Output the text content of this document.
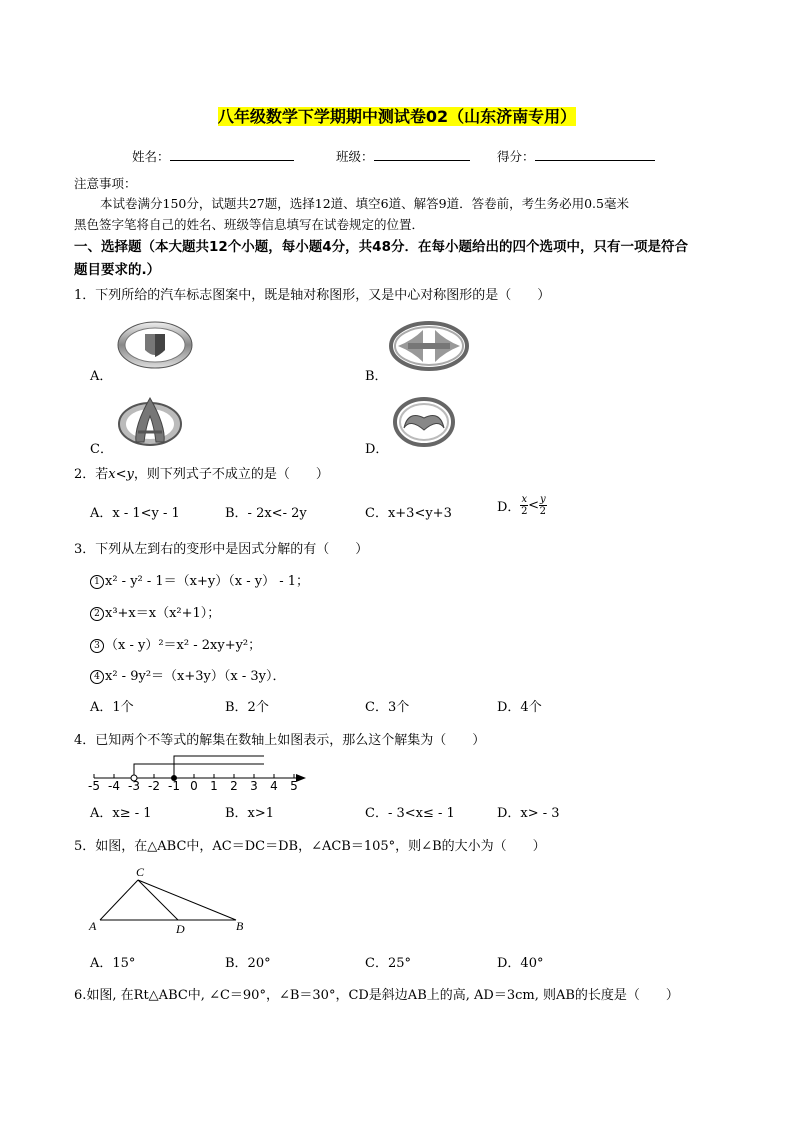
八年级数学下学期期中测试卷02（山东济南专用）
姓名：	班级：	得分：
注意事项：
本试卷满分150分，试题共27题，选择12道、填空6道、解答9道．答卷前，考生务必用0.5毫米
黑色签字笔将自己的姓名、班级等信息填写在试卷规定的位置．
一、选择题（本大题共12个小题，每小题4分，共48分．在每小题给出的四个选项中，只有一项是符合
题目要求的.）
1．下列所给的汽车标志图案中，既是轴对称图形，又是中心对称图形的是（　　）
A．	B．
C．	D．
2．若x<y，则下列式子不成立的是（　　）
A．x - 1<y - 1	B．- 2x<- 2y	C．x+3<y+3	D． $\frac{x}{2} < \frac{y}{2}$
3．下列从左到右的变形中是因式分解的有（　　）
1 x² - y² - 1＝（x+y）（x - y） - 1；
2 x³+x＝x（x²+1）；
3 （x - y）²＝x² - 2xy+y²；
4 x² - 9y²＝（x+3y）（x - 3y）．
A．1个	B．2个	C．3个	D．4个
4．已知两个不等式的解集在数轴上如图表示，那么这个解集为（　　）
-5 -4 -3 -2 -1 0 1 2 3 4 5
A．x≥ - 1	B．x>1	C．- 3<x≤ - 1	D．x> - 3
5．如图，在△ABC中，AC＝DC＝DB，∠ACB＝105°，则∠B的大小为（　　）
C
A	D	B
A．15°	B．20°	C．25°	D．40°
6.如图, 在Rt△ABC中, ∠C＝90°，∠B＝30°，CD是斜边AB上的高, AD＝3cm, 则AB的长度是（　　）
